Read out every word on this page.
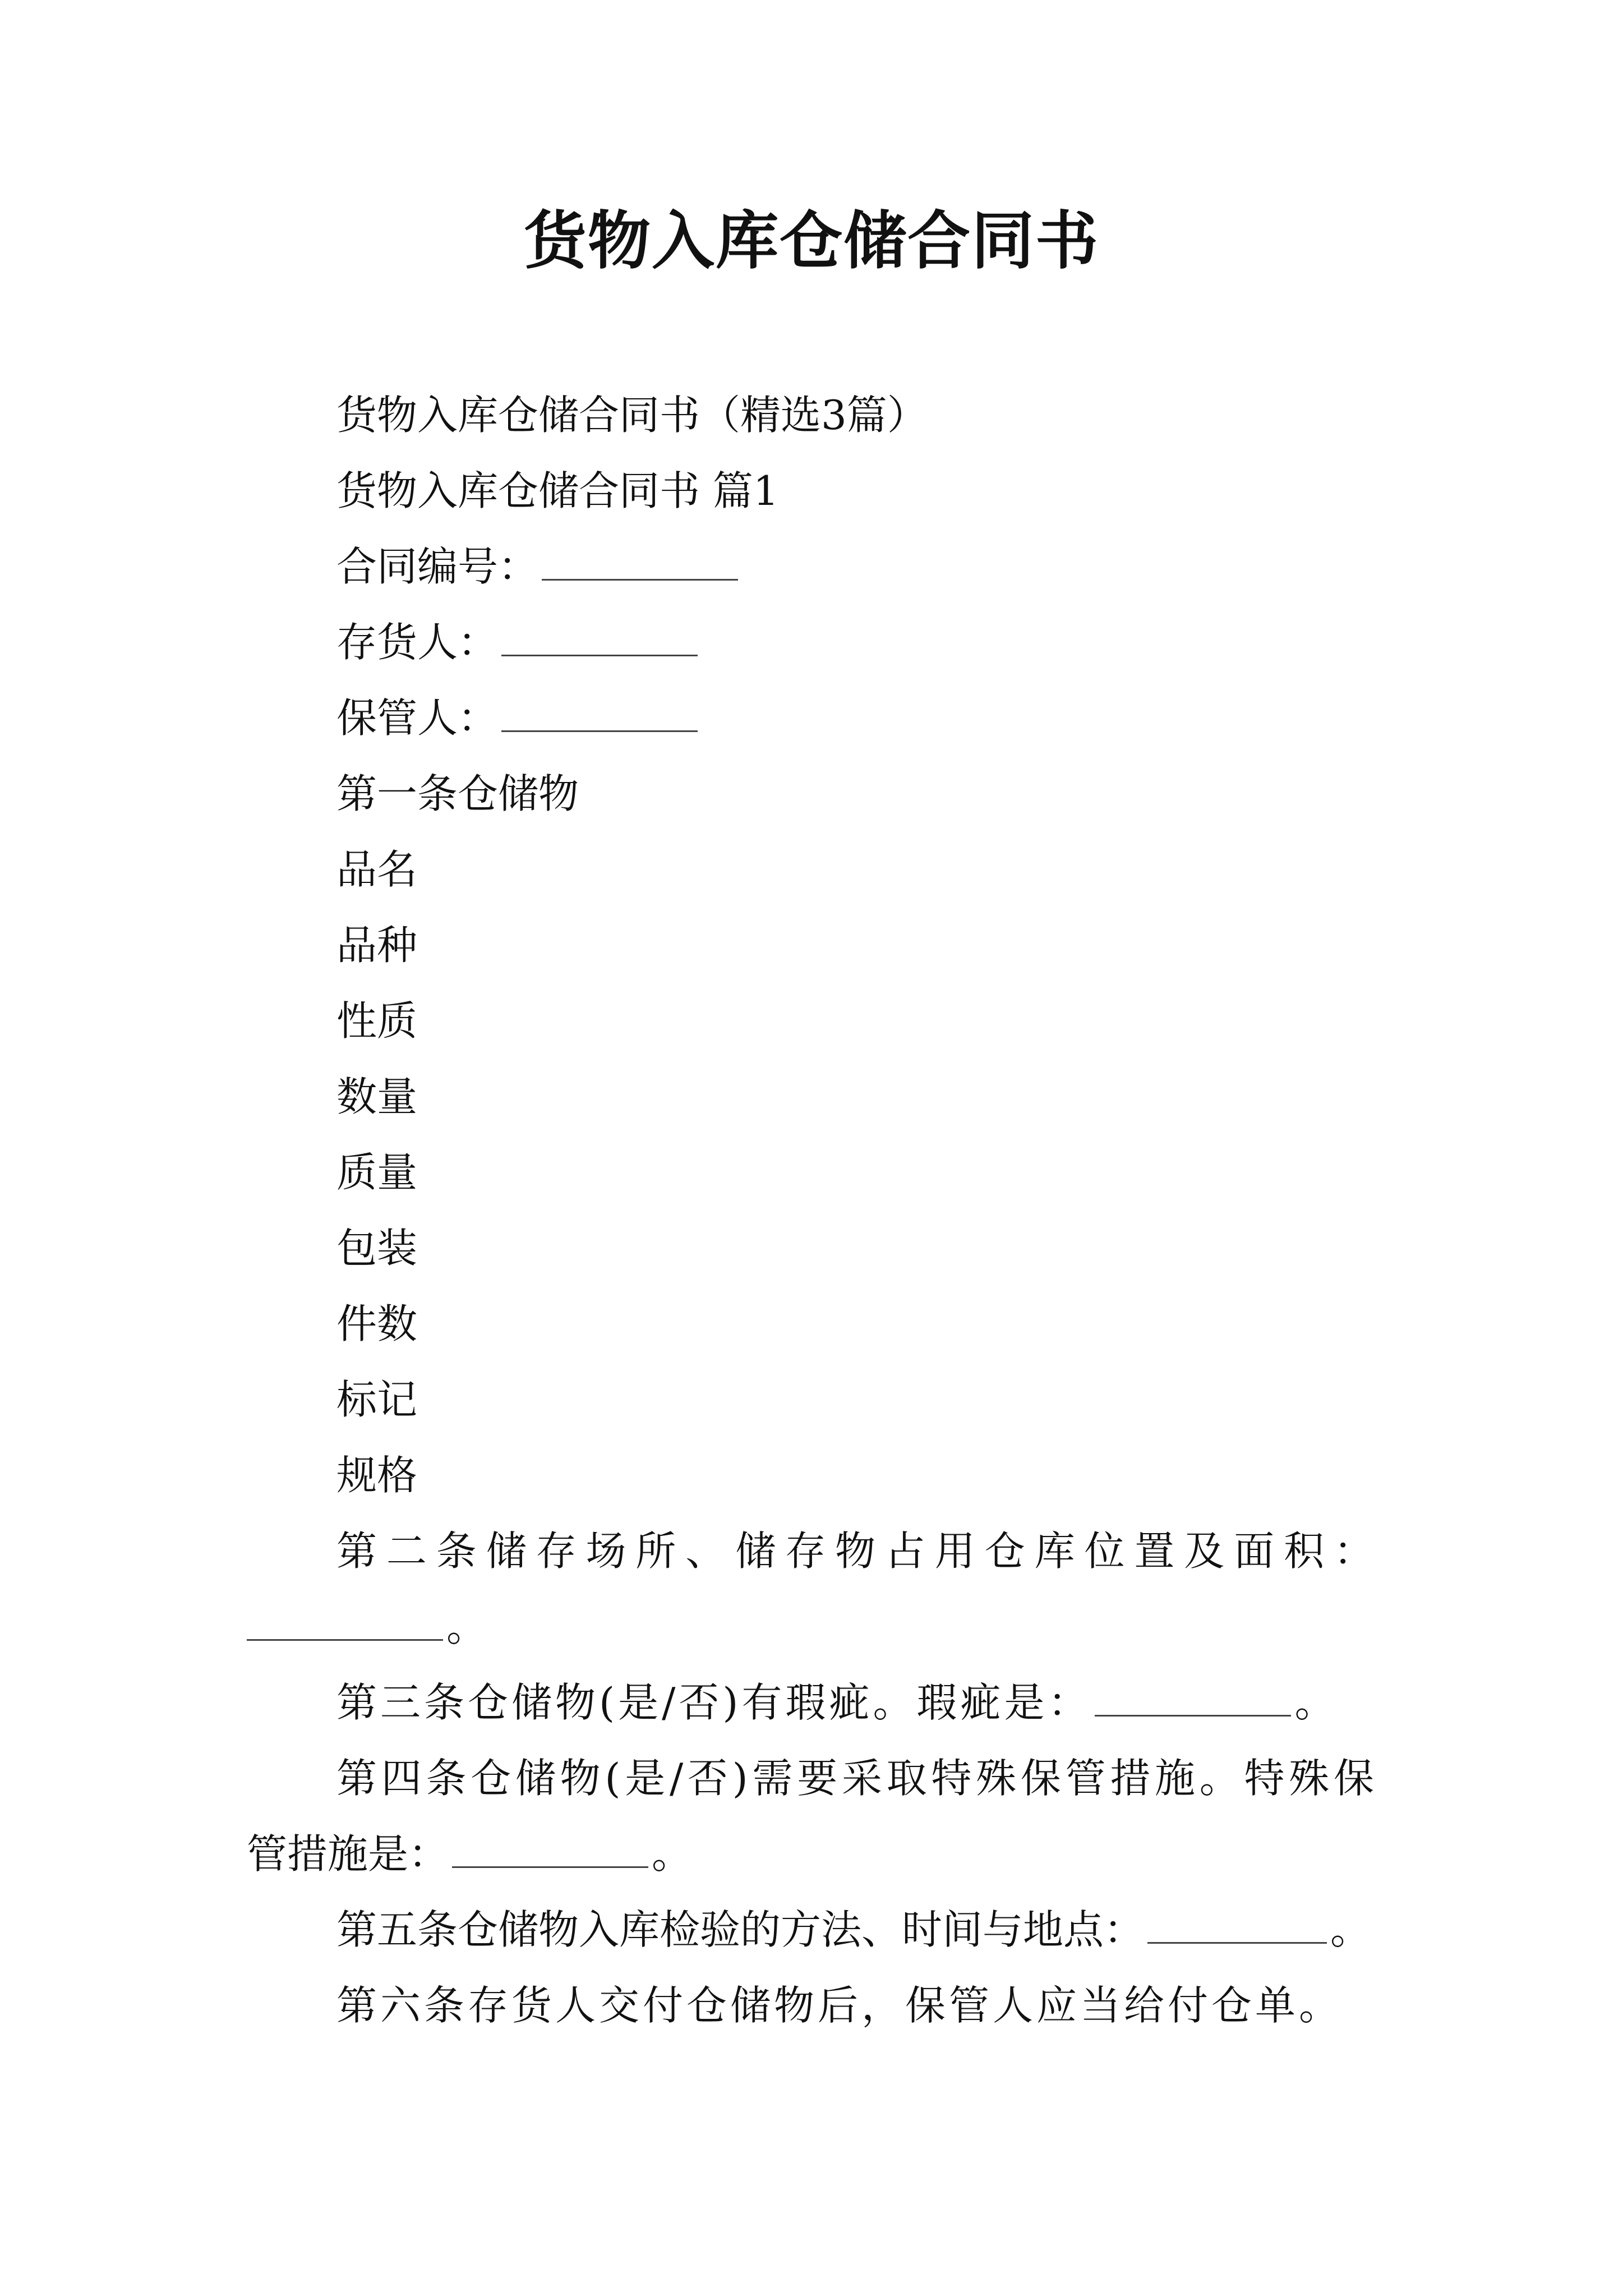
货物入库仓储合同书
货物入库仓储合同书（精选3篇）
货物入库仓储合同书 篇1
合同编号：
存货人：
保管人：
第一条仓储物
品名
品种
性质
数量
质量
包装
件数
标记
规格
第二条储存场所、储存物占用仓库位置及面积：
。
第三条仓储物(是/否)有瑕疵。瑕疵是：	。
第四条仓储物(是/否)需要采取特殊保管措施。特殊保
管措施是：	。
第五条仓储物入库检验的方法、时间与地点：	。
第六条存货人交付仓储物后，保管人应当给付仓单。
